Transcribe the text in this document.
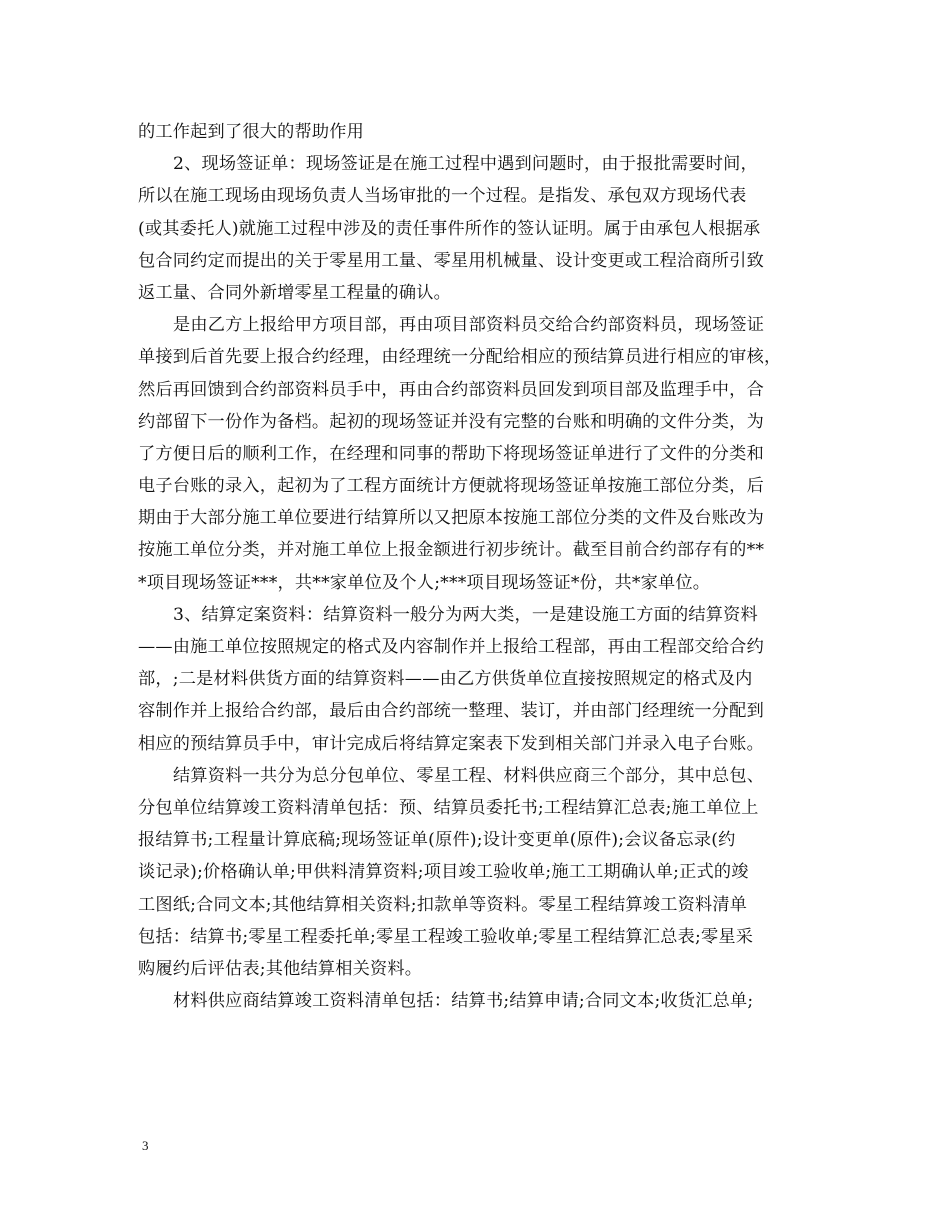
的工作起到了很大的帮助作用
2、现场签证单：现场签证是在施工过程中遇到问题时，由于报批需要时间，
所以在施工现场由现场负责人当场审批的一个过程。是指发、承包双方现场代表
(或其委托人)就施工过程中涉及的责任事件所作的签认证明。属于由承包人根据承
包合同约定而提出的关于零星用工量、零星用机械量、设计变更或工程洽商所引致
返工量、合同外新增零星工程量的确认。
是由乙方上报给甲方项目部，再由项目部资料员交给合约部资料员，现场签证
单接到后首先要上报合约经理，由经理统一分配给相应的预结算员进行相应的审核，
然后再回馈到合约部资料员手中，再由合约部资料员回发到项目部及监理手中，合
约部留下一份作为备档。起初的现场签证并没有完整的台账和明确的文件分类，为
了方便日后的顺利工作，在经理和同事的帮助下将现场签证单进行了文件的分类和
电子台账的录入，起初为了工程方面统计方便就将现场签证单按施工部位分类，后
期由于大部分施工单位要进行结算所以又把原本按施工部位分类的文件及台账改为
按施工单位分类，并对施工单位上报金额进行初步统计。截至目前合约部存有的**
*项目现场签证***，共**家单位及个人;***项目现场签证*份，共*家单位。
3、结算定案资料：结算资料一般分为两大类，一是建设施工方面的结算资料
——由施工单位按照规定的格式及内容制作并上报给工程部，再由工程部交给合约
部，;二是材料供货方面的结算资料——由乙方供货单位直接按照规定的格式及内
容制作并上报给合约部，最后由合约部统一整理、装订，并由部门经理统一分配到
相应的预结算员手中，审计完成后将结算定案表下发到相关部门并录入电子台账。
结算资料一共分为总分包单位、零星工程、材料供应商三个部分，其中总包、
分包单位结算竣工资料清单包括：预、结算员委托书;工程结算汇总表;施工单位上
报结算书;工程量计算底稿;现场签证单(原件);设计变更单(原件);会议备忘录(约
谈记录);价格确认单;甲供料清算资料;项目竣工验收单;施工工期确认单;正式的竣
工图纸;合同文本;其他结算相关资料;扣款单等资料。零星工程结算竣工资料清单
包括：结算书;零星工程委托单;零星工程竣工验收单;零星工程结算汇总表;零星采
购履约后评估表;其他结算相关资料。
材料供应商结算竣工资料清单包括：结算书;结算申请;合同文本;收货汇总单;
3
